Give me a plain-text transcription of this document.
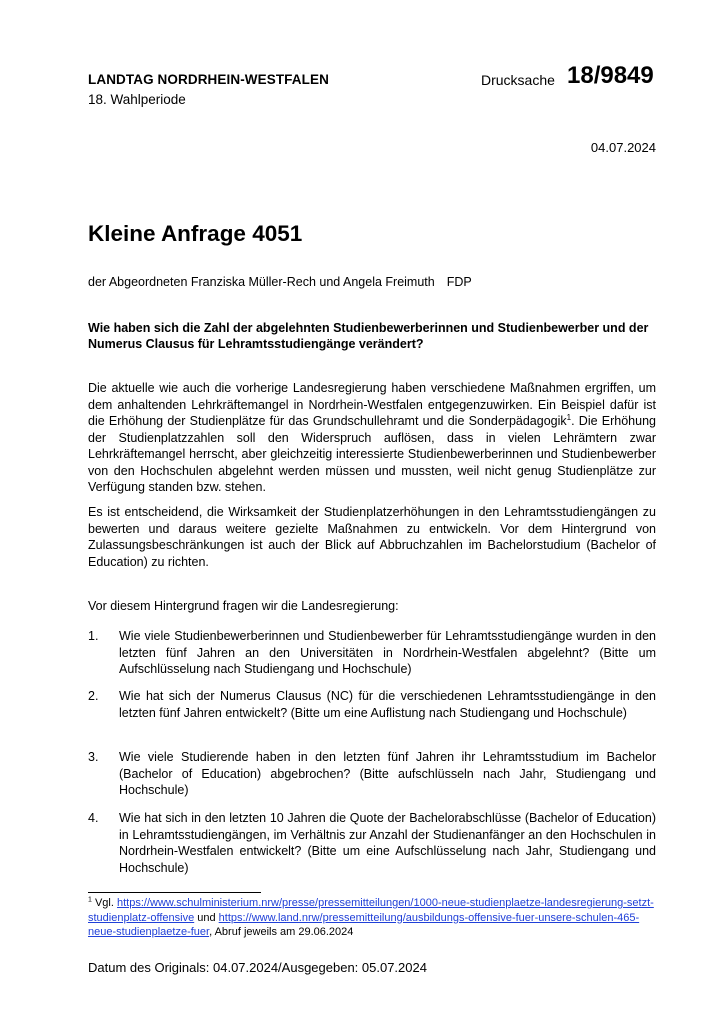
LANDTAG NORDRHEIN-WESTFALEN
18. Wahlperiode
Drucksache 18/9849
04.07.2024
Kleine Anfrage 4051
der Abgeordneten Franziska Müller-Rech und Angela Freimuth FDP
Wie haben sich die Zahl der abgelehnten Studienbewerberinnen und Studienbewerber und der Numerus Clausus für Lehramtsstudiengänge verändert?
Die aktuelle wie auch die vorherige Landesregierung haben verschiedene Maßnahmen ergriffen, um dem anhaltenden Lehrkräftemangel in Nordrhein-Westfalen entgegenzuwirken. Ein Beispiel dafür ist die Erhöhung der Studienplätze für das Grundschullehramt und die Sonderpädagogik$^1$. Die Erhöhung der Studienplatzzahlen soll den Widerspruch auflösen, dass in vielen Lehrämtern zwar Lehrkräftemangel herrscht, aber gleichzeitig interessierte Studienbewerberinnen und Studienbewerber von den Hochschulen abgelehnt werden müssen und mussten, weil nicht genug Studienplätze zur Verfügung standen bzw. stehen.
Es ist entscheidend, die Wirksamkeit der Studienplatzerhöhungen in den Lehramtsstudiengängen zu bewerten und daraus weitere gezielte Maßnahmen zu entwickeln. Vor dem Hintergrund von Zulassungsbeschränkungen ist auch der Blick auf Abbruchzahlen im Bachelorstudium (Bachelor of Education) zu richten.
Vor diesem Hintergrund fragen wir die Landesregierung:
1.	Wie viele Studienbewerberinnen und Studienbewerber für Lehramtsstudiengänge wurden in den letzten fünf Jahren an den Universitäten in Nordrhein-Westfalen abgelehnt? (Bitte um Aufschlüsselung nach Studiengang und Hochschule)
2.	Wie hat sich der Numerus Clausus (NC) für die verschiedenen Lehramtsstudiengänge in den letzten fünf Jahren entwickelt? (Bitte um eine Auflistung nach Studiengang und Hochschule)
3.	Wie viele Studierende haben in den letzten fünf Jahren ihr Lehramtsstudium im Bachelor (Bachelor of Education) abgebrochen? (Bitte aufschlüsseln nach Jahr, Studiengang und Hochschule)
4.	Wie hat sich in den letzten 10 Jahren die Quote der Bachelorabschlüsse (Bachelor of Education) in Lehramtsstudiengängen, im Verhältnis zur Anzahl der Studienanfänger an den Hochschulen in Nordrhein-Westfalen entwickelt? (Bitte um eine Aufschlüsselung nach Jahr, Studiengang und Hochschule)
$^1$ Vgl. https://www.schulministerium.nrw/presse/pressemitteilungen/1000-neue-studienplaetze-landesregierung-setzt-studienplatz-offensive und https://www.land.nrw/pressemitteilung/ausbildungs-offensive-fuer-unsere-schulen-465-neue-studienplaetze-fuer, Abruf jeweils am 29.06.2024
Datum des Originals: 04.07.2024/Ausgegeben: 05.07.2024
